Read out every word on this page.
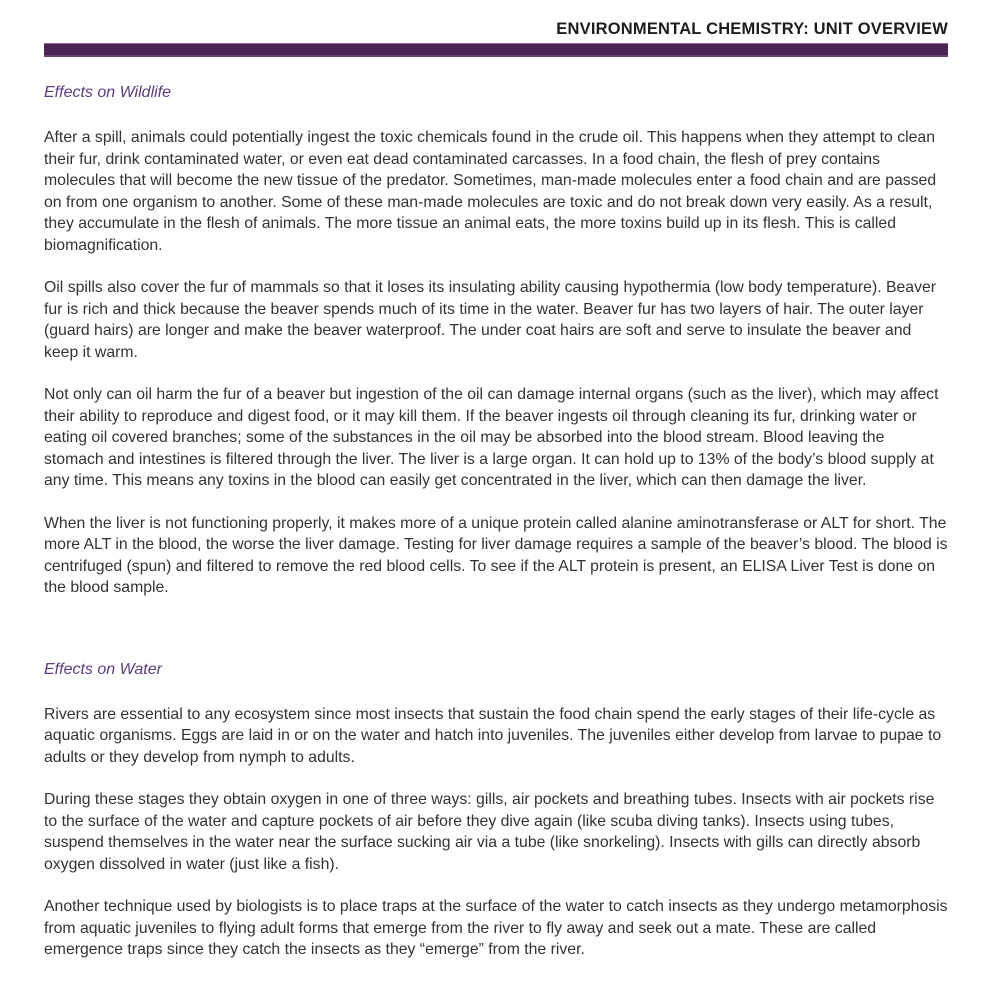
ENVIRONMENTAL CHEMISTRY: UNIT OVERVIEW
Effects on Wildlife

After a spill, animals could potentially ingest the toxic chemicals found in the crude oil. This happens when they attempt to clean their fur, drink contaminated water, or even eat dead contaminated carcasses. In a food chain, the flesh of prey contains molecules that will become the new tissue of the predator. Sometimes, man-made molecules enter a food chain and are passed on from one organism to another. Some of these man-made molecules are toxic and do not break down very easily. As a result, they accumulate in the flesh of animals. The more tissue an animal eats, the more toxins build up in its flesh. This is called biomagnification.

Oil spills also cover the fur of mammals so that it loses its insulating ability causing hypothermia (low body temperature). Beaver fur is rich and thick because the beaver spends much of its time in the water. Beaver fur has two layers of hair. The outer layer (guard hairs) are longer and make the beaver waterproof. The under coat hairs are soft and serve to insulate the beaver and keep it warm.

Not only can oil harm the fur of a beaver but ingestion of the oil can damage internal organs (such as the liver), which may affect their ability to reproduce and digest food, or it may kill them. If the beaver ingests oil through cleaning its fur, drinking water or eating oil covered branches; some of the substances in the oil may be absorbed into the blood stream. Blood leaving the stomach and intestines is filtered through the liver. The liver is a large organ. It can hold up to 13% of the body’s blood supply at any time. This means any toxins in the blood can easily get concentrated in the liver, which can then damage the liver.

When the liver is not functioning properly, it makes more of a unique protein called alanine aminotransferase or ALT for short. The more ALT in the blood, the worse the liver damage. Testing for liver damage requires a sample of the beaver’s blood. The blood is centrifuged (spun) and filtered to remove the red blood cells. To see if the ALT protein is present, an ELISA Liver Test is done on the blood sample.

Effects on Water

Rivers are essential to any ecosystem since most insects that sustain the food chain spend the early stages of their life-cycle as aquatic organisms. Eggs are laid in or on the water and hatch into juveniles. The juveniles either develop from larvae to pupae to adults or they develop from nymph to adults.

During these stages they obtain oxygen in one of three ways: gills, air pockets and breathing tubes. Insects with air pockets rise to the surface of the water and capture pockets of air before they dive again (like scuba diving tanks). Insects using tubes, suspend themselves in the water near the surface sucking air via a tube (like snorkeling). Insects with gills can directly absorb oxygen dissolved in water (just like a fish).

Another technique used by biologists is to place traps at the surface of the water to catch insects as they undergo metamorphosis from aquatic juveniles to flying adult forms that emerge from the river to fly away and seek out a mate. These are called emergence traps since they catch the insects as they “emerge” from the river.
